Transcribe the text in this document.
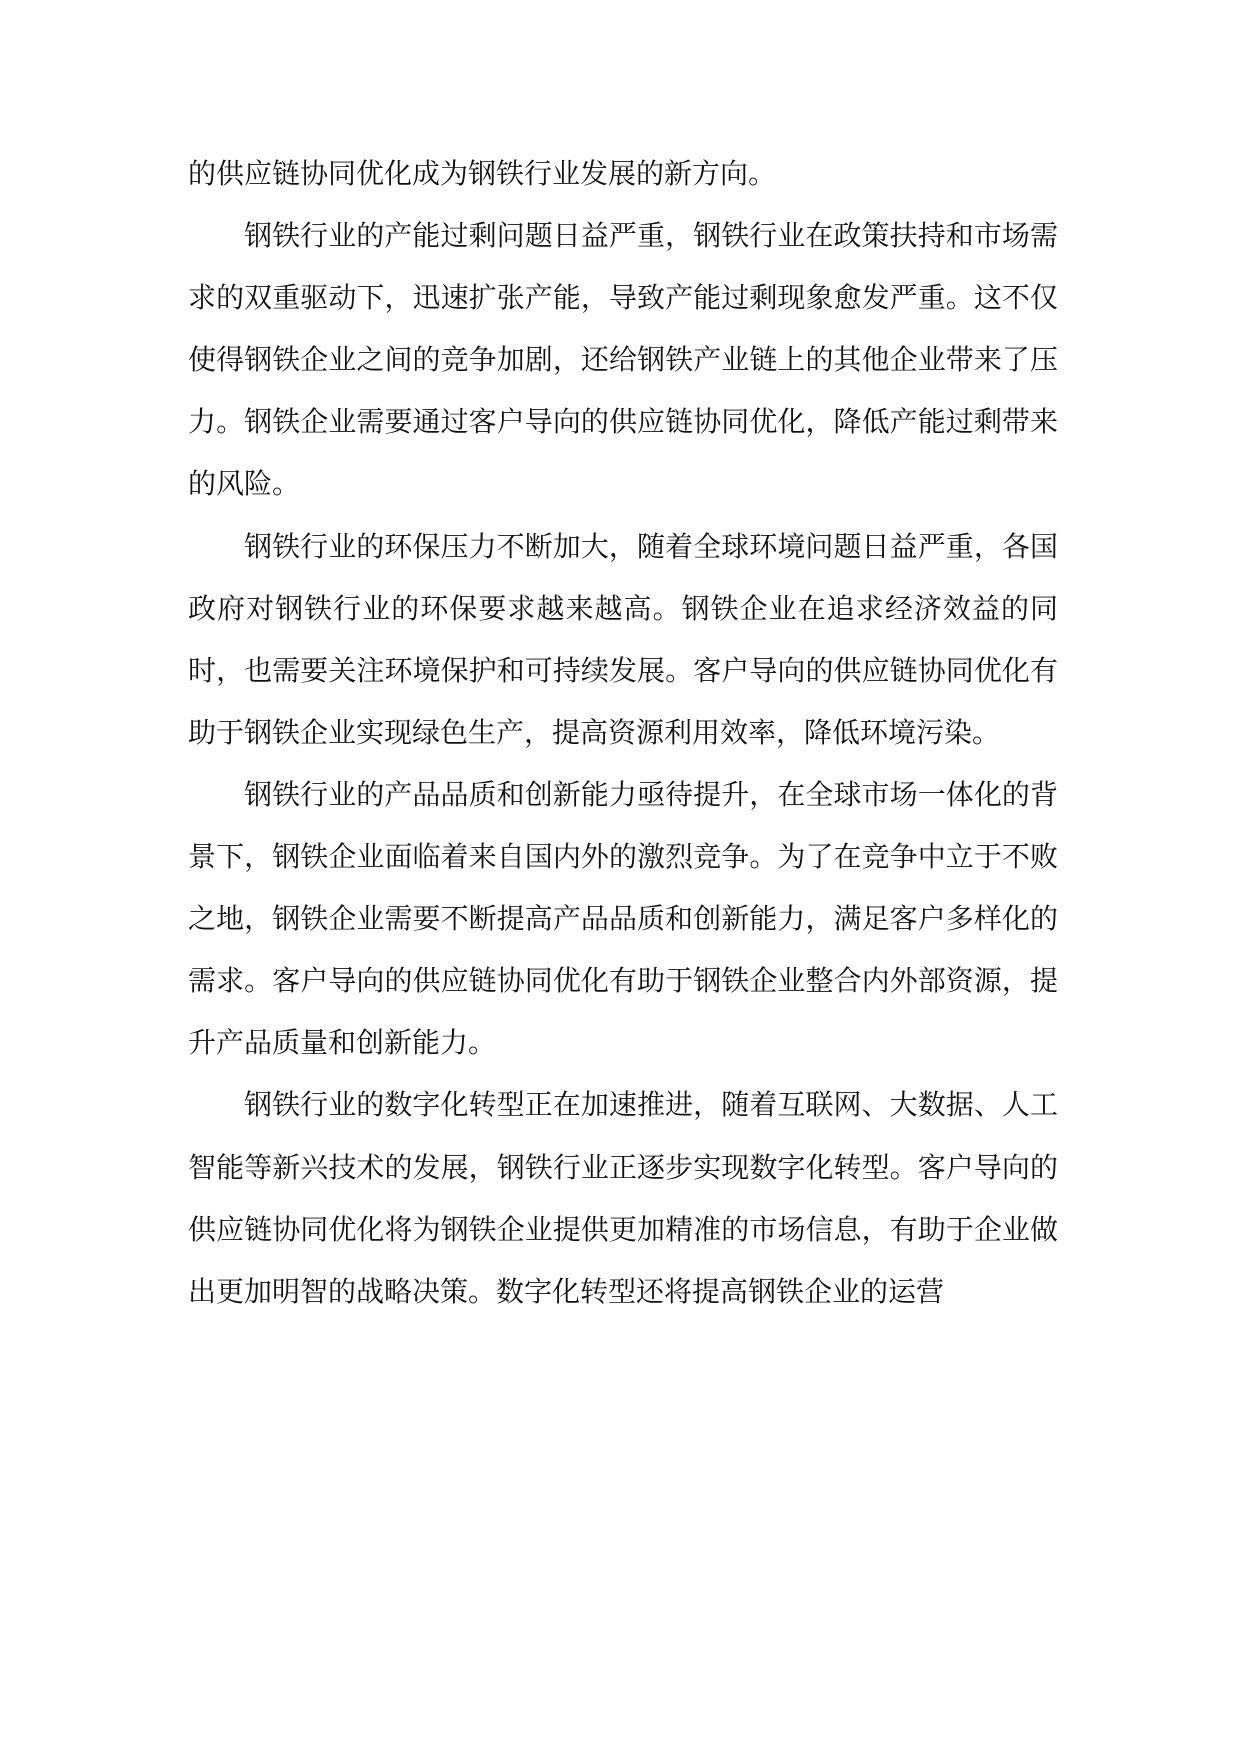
的供应链协同优化成为钢铁行业发展的新方向。

钢铁行业的产能过剩问题日益严重，钢铁行业在政策扶持和市场需求的双重驱动下，迅速扩张产能，导致产能过剩现象愈发严重。这不仅使得钢铁企业之间的竞争加剧，还给钢铁产业链上的其他企业带来了压力。钢铁企业需要通过客户导向的供应链协同优化，降低产能过剩带来的风险。

钢铁行业的环保压力不断加大，随着全球环境问题日益严重，各国政府对钢铁行业的环保要求越来越高。钢铁企业在追求经济效益的同时，也需要关注环境保护和可持续发展。客户导向的供应链协同优化有助于钢铁企业实现绿色生产，提高资源利用效率，降低环境污染。

钢铁行业的产品品质和创新能力亟待提升，在全球市场一体化的背景下，钢铁企业面临着来自国内外的激烈竞争。为了在竞争中立于不败之地，钢铁企业需要不断提高产品品质和创新能力，满足客户多样化的需求。客户导向的供应链协同优化有助于钢铁企业整合内外部资源，提升产品质量和创新能力。

钢铁行业的数字化转型正在加速推进，随着互联网、大数据、人工智能等新兴技术的发展，钢铁行业正逐步实现数字化转型。客户导向的供应链协同优化将为钢铁企业提供更加精准的市场信息，有助于企业做出更加明智的战略决策。数字化转型还将提高钢铁企业的运营
